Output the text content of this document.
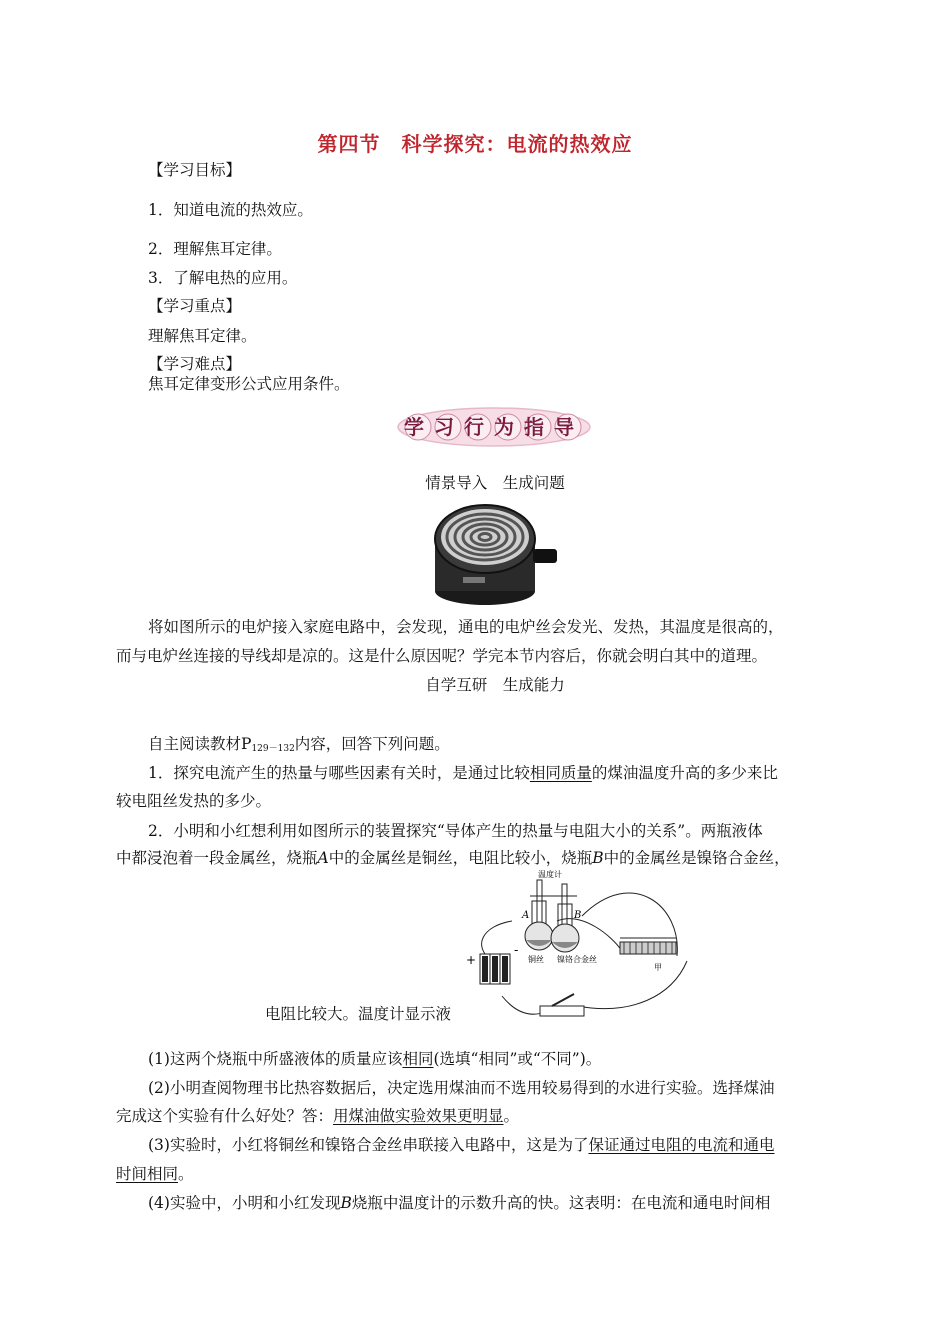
第四节　科学探究：电流的热效应
【学习目标】
1．知道电流的热效应。
2．理解焦耳定律。
3．了解电热的应用。
【学习重点】
理解焦耳定律。
【学习难点】
焦耳定律变形公式应用条件。
学习行为指导
情景导入　生成问题
将如图所示的电炉接入家庭电路中，会发现，通电的电炉丝会发光、发热，其温度是很高的，
而与电炉丝连接的导线却是凉的。这是什么原因呢？学完本节内容后，你就会明白其中的道理。
自学互研　生成能力
自主阅读教材$P_{129-132}$内容，回答下列问题。
1．探究电流产生的热量与哪些因素有关时，是通过比较相同质量的煤油温度升高的多少来比
较电阻丝发热的多少。
2．小明和小红想利用如图所示的装置探究“导体产生的热量与电阻大小的关系”。两瓶液体
中都浸泡着一段金属丝，烧瓶A中的金属丝是铜丝，电阻比较小，烧瓶B中的金属丝是镍铬合金丝，
温度计
A	B
铜丝 镍铬合金丝
甲
+
-
电阻比较大。温度计显示液
(1)这两个烧瓶中所盛液体的质量应该相同(选填“相同”或“不同”)。
(2)小明查阅物理书比热容数据后，决定选用煤油而不选用较易得到的水进行实验。选择煤油
完成这个实验有什么好处？答：用煤油做实验效果更明显。
(3)实验时，小红将铜丝和镍铬合金丝串联接入电路中，这是为了保证通过电阻的电流和通电
时间相同。
(4)实验中，小明和小红发现B烧瓶中温度计的示数升高的快。这表明：在电流和通电时间相
